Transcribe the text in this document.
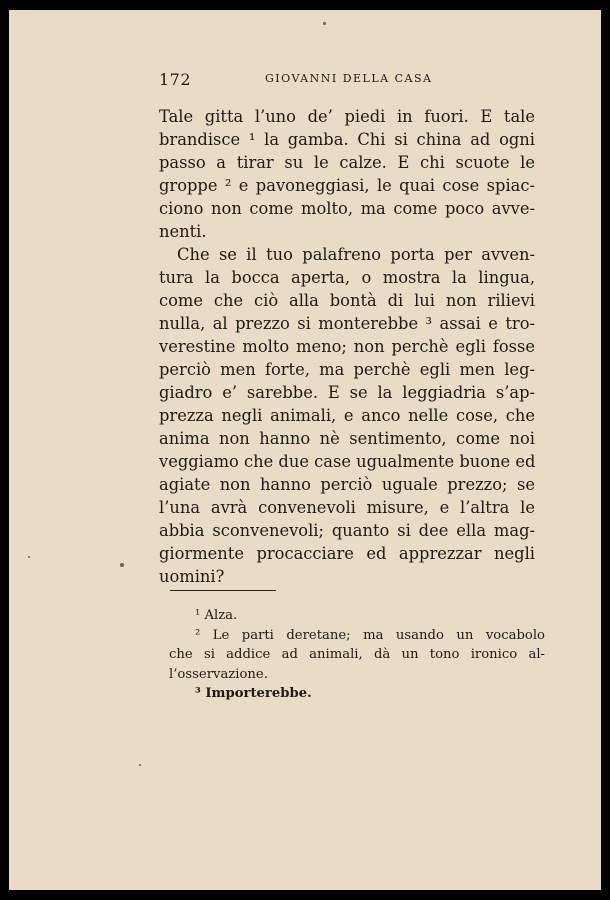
172	GIOVANNI DELLA CASA
Tale gitta l’uno de’ piedi in fuori. E tale
brandisce ¹ la gamba. Chi si china ad ogni
passo a tirar su le calze. E chi scuote le
groppe ² e pavoneggiasi, le quai cose spiac-
ciono non come molto, ma come poco avve-
nenti.
Che se il tuo palafreno porta per avven-
tura la bocca aperta, o mostra la lingua,
come che ciò alla bontà di lui non rilievi
nulla, al prezzo si monterebbe ³ assai e tro-
verestine molto meno; non perchè egli fosse
perciò men forte, ma perchè egli men leg-
giadro e’ sarebbe. E se la leggiadria s’ap-
prezza negli animali, e anco nelle cose, che
anima non hanno nè sentimento, come noi
veggiamo che due case ugualmente buone ed
agiate non hanno perciò uguale prezzo; se
l’una avrà convenevoli misure, e l’altra le
abbia sconvenevoli; quanto si dee ella mag-
giormente procacciare ed apprezzar negli
uomini?
¹ Alza.
² Le parti deretane; ma usando un vocabolo
che si addice ad animali, dà un tono ironico al-
l’osservazione.
³ Importerebbe.
